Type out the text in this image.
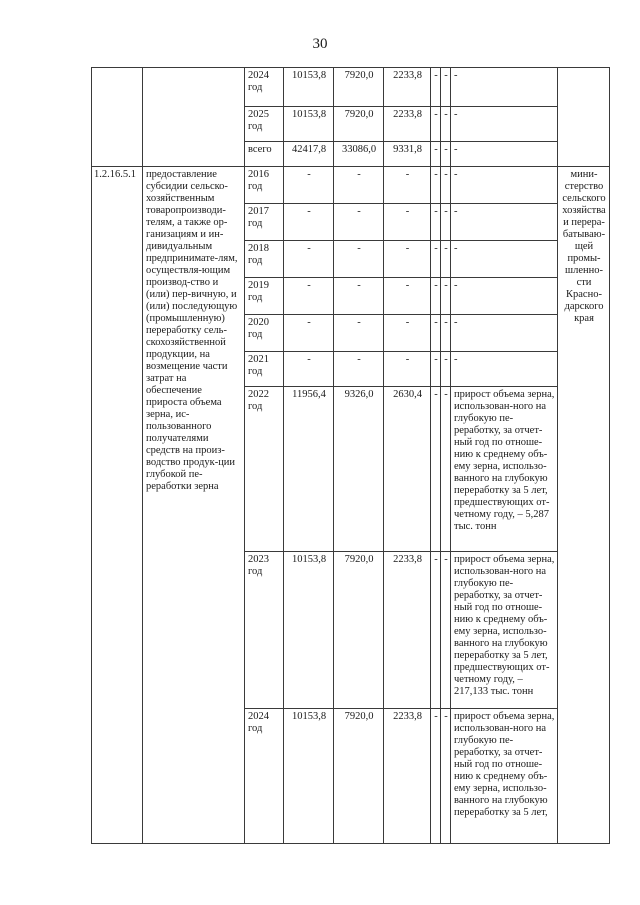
30
		2024 год	10153,8	7920,0	2233,8	-	-	-	
		2025 год	10153,8	7920,0	2233,8	-	-	-	
		всего	42417,8	33086,0	9331,8	-	-	-	
1.2.16.5.1	предоставление субсидии сельско-хозяйственным товаропроизводи-телям, а также ор-ганизациям и ин-дивидуальным предпринимате-лям, осуществля-ющим производ-ство и (или) пер-вичную, и (или) последующую (промышленную) переработку сель-скохозяйственной продукции, на возмещение части затрат на обеспечение прироста объема зерна, ис-пользованного получателями средств на произ-водство продук-ции глубокой пе-реработки зерна	2016 год	-	-	-	-	-	-	мини-стерство сельского хозяйства и перера-батываю-щей промы-шленно-сти Красно-дарского края
		2017 год	-	-	-	-	-	-	
		2018 год	-	-	-	-	-	-	
		2019 год	-	-	-	-	-	-	
		2020 год	-	-	-	-	-	-	
		2021 год	-	-	-	-	-	-	
		2022 год	11956,4	9326,0	2630,4	-	-	прирост объема зерна, использован-ного на глубокую пе-реработку, за отчет-ный год по отноше-нию к среднему объ-ему зерна, использо-ванного на глубокую переработку за 5 лет, предшествующих от-четному году, – 5,287 тыс. тонн	
		2023 год	10153,8	7920,0	2233,8	-	-	прирост объема зерна, использован-ного на глубокую пе-реработку, за отчет-ный год по отноше-нию к среднему объ-ему зерна, использо-ванного на глубокую переработку за 5 лет, предшествующих от-четному году, – 217,133 тыс. тонн	
		2024 год	10153,8	7920,0	2233,8	-	-	прирост объема зерна, использован-ного на глубокую пе-реработку, за отчет-ный год по отноше-нию к среднему объ-ему зерна, использо-ванного на глубокую переработку за 5 лет,	
